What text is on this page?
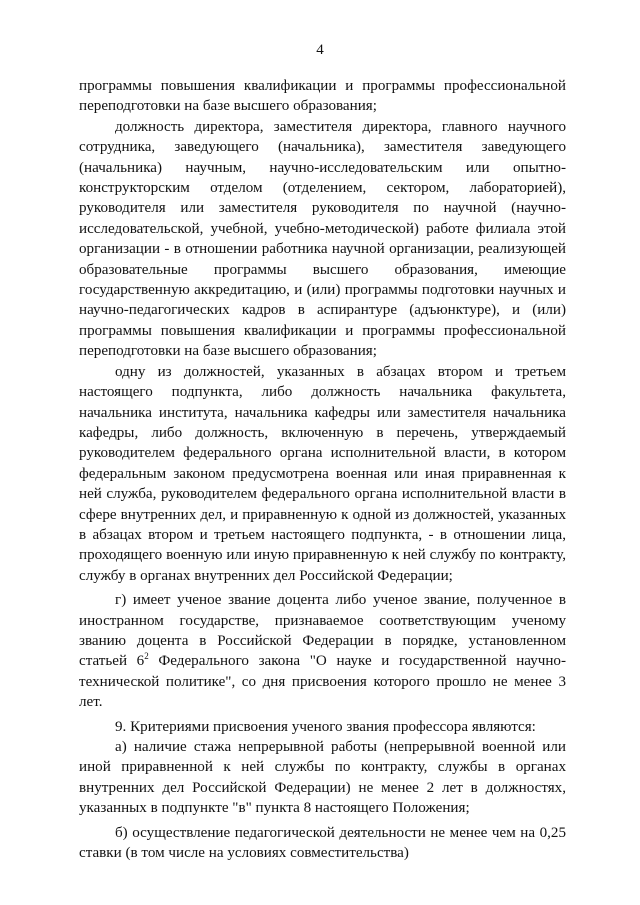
4

программы повышения квалификации и программы профессиональной переподготовки на базе высшего образования;

должность директора, заместителя директора, главного научного сотрудника, заведующего (начальника), заместителя заведующего (начальника) научным, научно-исследовательским или опытно-конструкторским отделом (отделением, сектором, лабораторией), руководителя или заместителя руководителя по научной (научно-исследовательской, учебной, учебно-методической) работе филиала этой организации - в отношении работника научной организации, реализующей образовательные программы высшего образования, имеющие государственную аккредитацию, и (или) программы подготовки научных и научно-педагогических кадров в аспирантуре (адъюнктуре), и (или) программы повышения квалификации и программы профессиональной переподготовки на базе высшего образования;

одну из должностей, указанных в абзацах втором и третьем настоящего подпункта, либо должность начальника факультета, начальника института, начальника кафедры или заместителя начальника кафедры, либо должность, включенную в перечень, утверждаемый руководителем федерального органа исполнительной власти, в котором федеральным законом предусмотрена военная или иная приравненная к ней служба, руководителем федерального органа исполнительной власти в сфере внутренних дел, и приравненную к одной из должностей, указанных в абзацах втором и третьем настоящего подпункта, - в отношении лица, проходящего военную или иную приравненную к ней службу по контракту, службу в органах внутренних дел Российской Федерации;

г) имеет ученое звание доцента либо ученое звание, полученное в иностранном государстве, признаваемое соответствующим ученому званию доцента в Российской Федерации в порядке, установленном статьей $6^2$ Федерального закона "О науке и государственной научно-технической политике", со дня присвоения которого прошло не менее 3 лет.

9. Критериями присвоения ученого звания профессора являются:

а) наличие стажа непрерывной работы (непрерывной военной или иной приравненной к ней службы по контракту, службы в органах внутренних дел Российской Федерации) не менее 2 лет в должностях, указанных в подпункте "в" пункта 8 настоящего Положения;

б) осуществление педагогической деятельности не менее чем на 0,25 ставки (в том числе на условиях совместительства)
